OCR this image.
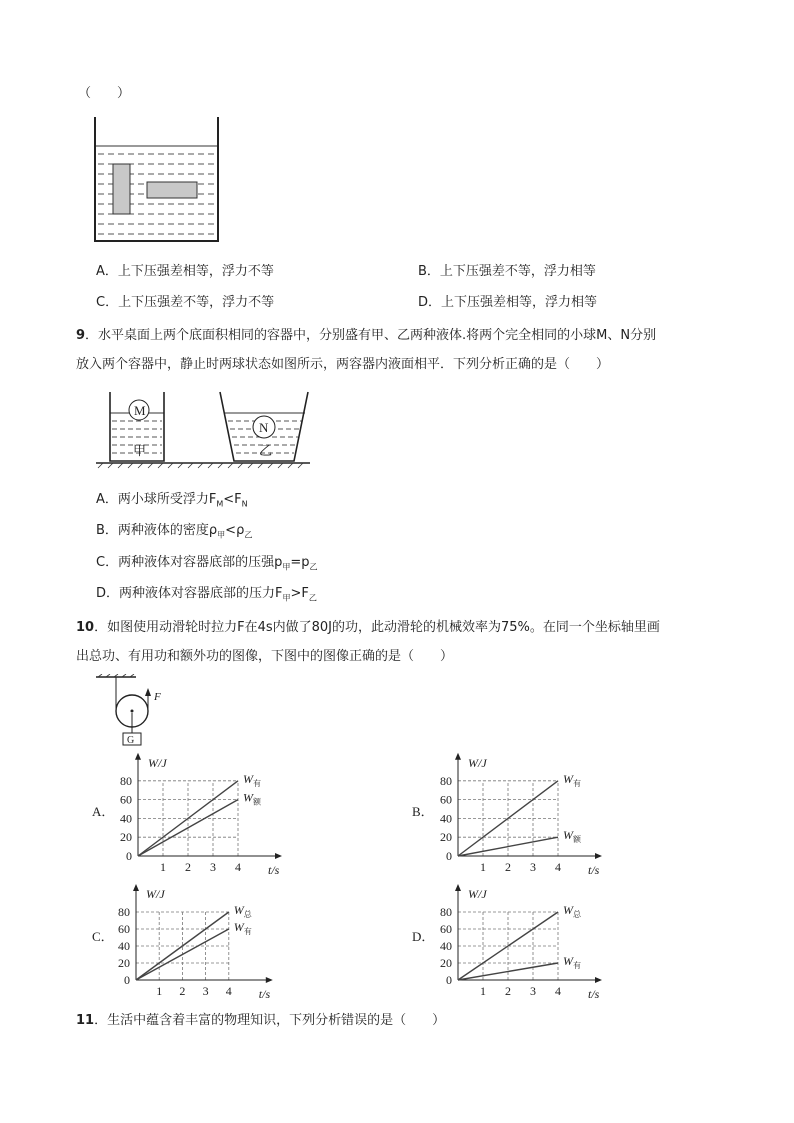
（　　）
A．上下压强差相等，浮力不等	B．上下压强差不等，浮力相等
C．上下压强差不等，浮力不等	D．上下压强差相等，浮力相等
9．水平桌面上两个底面积相同的容器中，分别盛有甲、乙两种液体.将两个完全相同的小球M、N分别
放入两个容器中，静止时两球状态如图所示，两容器内液面相平．下列分析正确的是（　　）
M
甲
N
乙
A．两小球所受浮力$F_M<F_N$
B．两种液体的密度$\rho_甲<\rho_乙$
C．两种液体对容器底部的压强$p_甲=p_乙$
D．两种液体对容器底部的压力$F_甲>F_乙$
10．如图使用动滑轮时拉力F在4s内做了80J的功，此动滑轮的机械效率为75%。在同一个坐标轴里画
出总功、有用功和额外功的图像，下图中的图像正确的是（　　）
F
G
W/J
t/s
0
20
40
60
80
1 2 3 4
$W_有$
$W_额$
A．
W/J
t/s
0
20
40
60
80
1 2 3 4
$W_有$
$W_额$
B．
W/J
t/s
0
20
40
60
80
1 2 3 4
$W_总$
$W_有$
C．
W/J
t/s
0
20
40
60
80
1 2 3 4
$W_总$
$W_有$
D．
11．生活中蕴含着丰富的物理知识，下列分析错误的是（　　）
